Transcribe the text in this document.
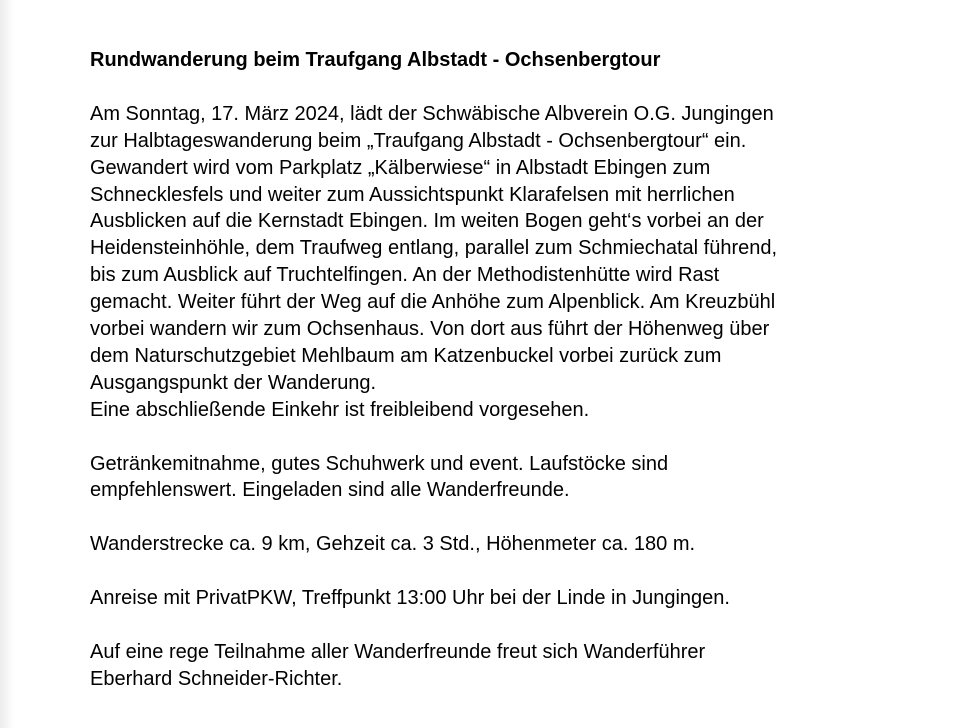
Rundwanderung beim Traufgang Albstadt - Ochsenbergtour

Am Sonntag, 17. März 2024, lädt der Schwäbische Albverein O.G. Jungingen

zur Halbtageswanderung beim „Traufgang Albstadt - Ochsenbergtour“ ein.

Gewandert wird vom Parkplatz „Kälberwiese“ in Albstadt Ebingen zum

Schnecklesfels und weiter zum Aussichtspunkt Klarafelsen mit herrlichen

Ausblicken auf die Kernstadt Ebingen. Im weiten Bogen geht‘s vorbei an der

Heidensteinhöhle, dem Traufweg entlang, parallel zum Schmiechatal führend,

bis zum Ausblick auf Truchtelfingen. An der Methodistenhütte wird Rast

gemacht. Weiter führt der Weg auf die Anhöhe zum Alpenblick. Am Kreuzbühl

vorbei wandern wir zum Ochsenhaus. Von dort aus führt der Höhenweg über

dem Naturschutzgebiet Mehlbaum am Katzenbuckel vorbei zurück zum

Ausgangspunkt der Wanderung.

Eine abschließende Einkehr ist freibleibend vorgesehen.

Getränkemitnahme, gutes Schuhwerk und event. Laufstöcke sind

empfehlenswert. Eingeladen sind alle Wanderfreunde.

Wanderstrecke ca. 9 km, Gehzeit ca. 3 Std., Höhenmeter ca. 180 m.

Anreise mit PrivatPKW, Treffpunkt 13:00 Uhr bei der Linde in Jungingen.

Auf eine rege Teilnahme aller Wanderfreunde freut sich Wanderführer

Eberhard Schneider-Richter.
